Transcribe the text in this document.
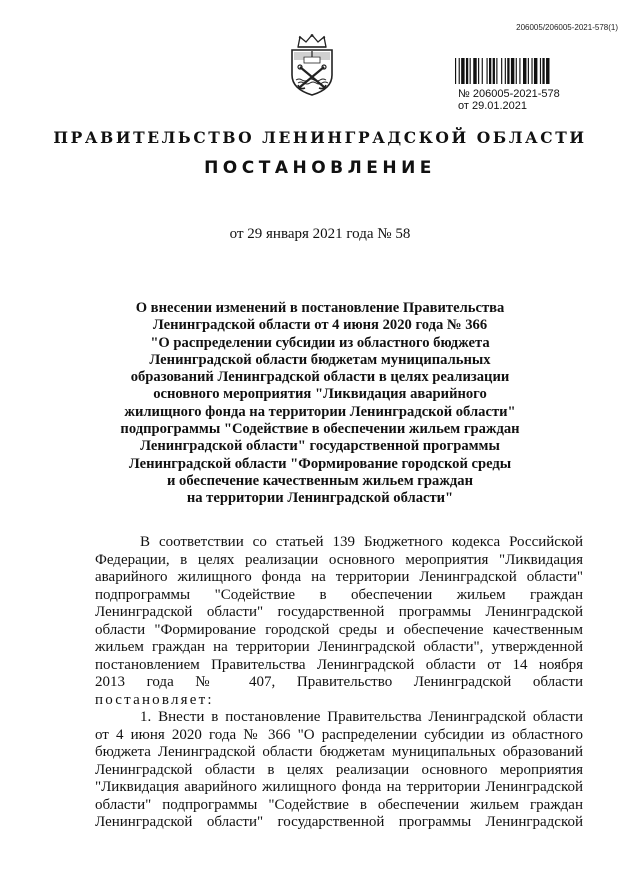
206005/206005-2021-578(1)
№ 206005-2021-578
от 29.01.2021
ПРАВИТЕЛЬСТВО ЛЕНИНГРАДСКОЙ ОБЛАСТИ
ПОСТАНОВЛЕНИЕ
от 29 января 2021 года № 58
О внесении изменений в постановление Правительства
Ленинградской области от 4 июня 2020 года № 366
"О распределении субсидии из областного бюджета
Ленинградской области бюджетам муниципальных
образований Ленинградской области в целях реализации
основного мероприятия "Ликвидация аварийного
жилищного фонда на территории Ленинградской области"
подпрограммы "Содействие в обеспечении жильем граждан
Ленинградской области" государственной программы
Ленинградской области "Формирование городской среды
и обеспечение качественным жильем граждан
на территории Ленинградской области"
В соответствии со статьей 139 Бюджетного кодекса Российской
Федерации, в целях реализации основного мероприятия "Ликвидация
аварийного жилищного фонда на территории Ленинградской области"
подпрограммы "Содействие в обеспечении жильем граждан
Ленинградской области" государственной программы Ленинградской
области "Формирование городской среды и обеспечение качественным
жильем граждан на территории Ленинградской области", утвержденной
постановлением Правительства Ленинградской области от 14 ноября
2013 года № 407, Правительство Ленинградской области
постановляет:
1. Внести в постановление Правительства Ленинградской области
от 4 июня 2020 года № 366 "О распределении субсидии из областного
бюджета Ленинградской области бюджетам муниципальных образований
Ленинградской области в целях реализации основного мероприятия
"Ликвидация аварийного жилищного фонда на территории Ленинградской
области" подпрограммы "Содействие в обеспечении жильем граждан
Ленинградской области" государственной программы Ленинградской
